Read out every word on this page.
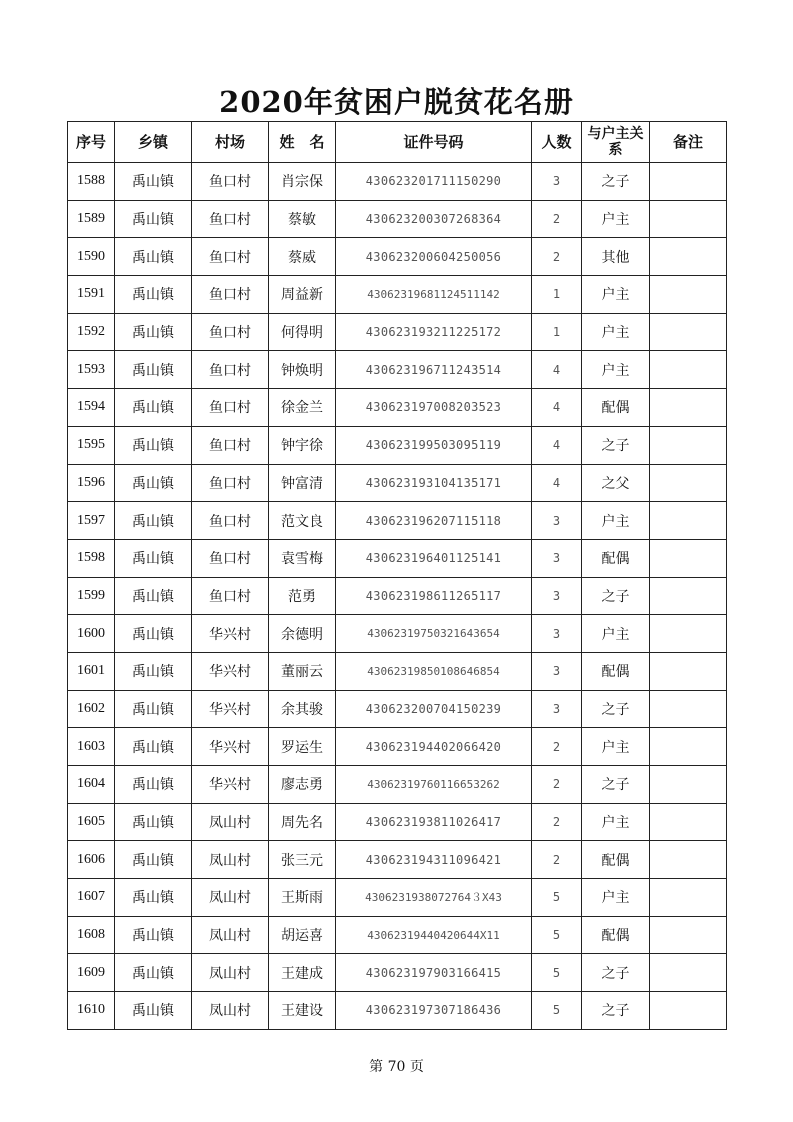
2020年贫困户脱贫花名册
序号	乡镇	村场	姓　名	证件号码	人数	与户主关系	备注
1588	禹山镇	鱼口村	肖宗保	430623201711150290	3	之子	
1589	禹山镇	鱼口村	蔡敏	430623200307268364	2	户主	
1590	禹山镇	鱼口村	蔡威	430623200604250056	2	其他	
1591	禹山镇	鱼口村	周益新	43062319681124511142	1	户主	
1592	禹山镇	鱼口村	何得明	430623193211225172	1	户主	
1593	禹山镇	鱼口村	钟焕明	430623196711243514	4	户主	
1594	禹山镇	鱼口村	徐金兰	430623197008203523	4	配偶	
1595	禹山镇	鱼口村	钟宇徐	430623199503095119	4	之子	
1596	禹山镇	鱼口村	钟富清	430623193104135171	4	之父	
1597	禹山镇	鱼口村	范文良	430623196207115118	3	户主	
1598	禹山镇	鱼口村	袁雪梅	430623196401125141	3	配偶	
1599	禹山镇	鱼口村	范勇	430623198611265117	3	之子	
1600	禹山镇	华兴村	余德明	43062319750321643654	3	户主	
1601	禹山镇	华兴村	董丽云	43062319850108646854	3	配偶	
1602	禹山镇	华兴村	余其骏	430623200704150239	3	之子	
1603	禹山镇	华兴村	罗运生	430623194402066420	2	户主	
1604	禹山镇	华兴村	廖志勇	43062319760116653262	2	之子	
1605	禹山镇	凤山村	周先名	430623193811026417	2	户主	
1606	禹山镇	凤山村	张三元	430623194311096421	2	配偶	
1607	禹山镇	凤山村	王斯雨	4306231938072764３X43	5	户主	
1608	禹山镇	凤山村	胡运喜	43062319440420644X11	5	配偶	
1609	禹山镇	凤山村	王建成	430623197903166415	5	之子	
1610	禹山镇	凤山村	王建设	430623197307186436	5	之子	
第 70 页
